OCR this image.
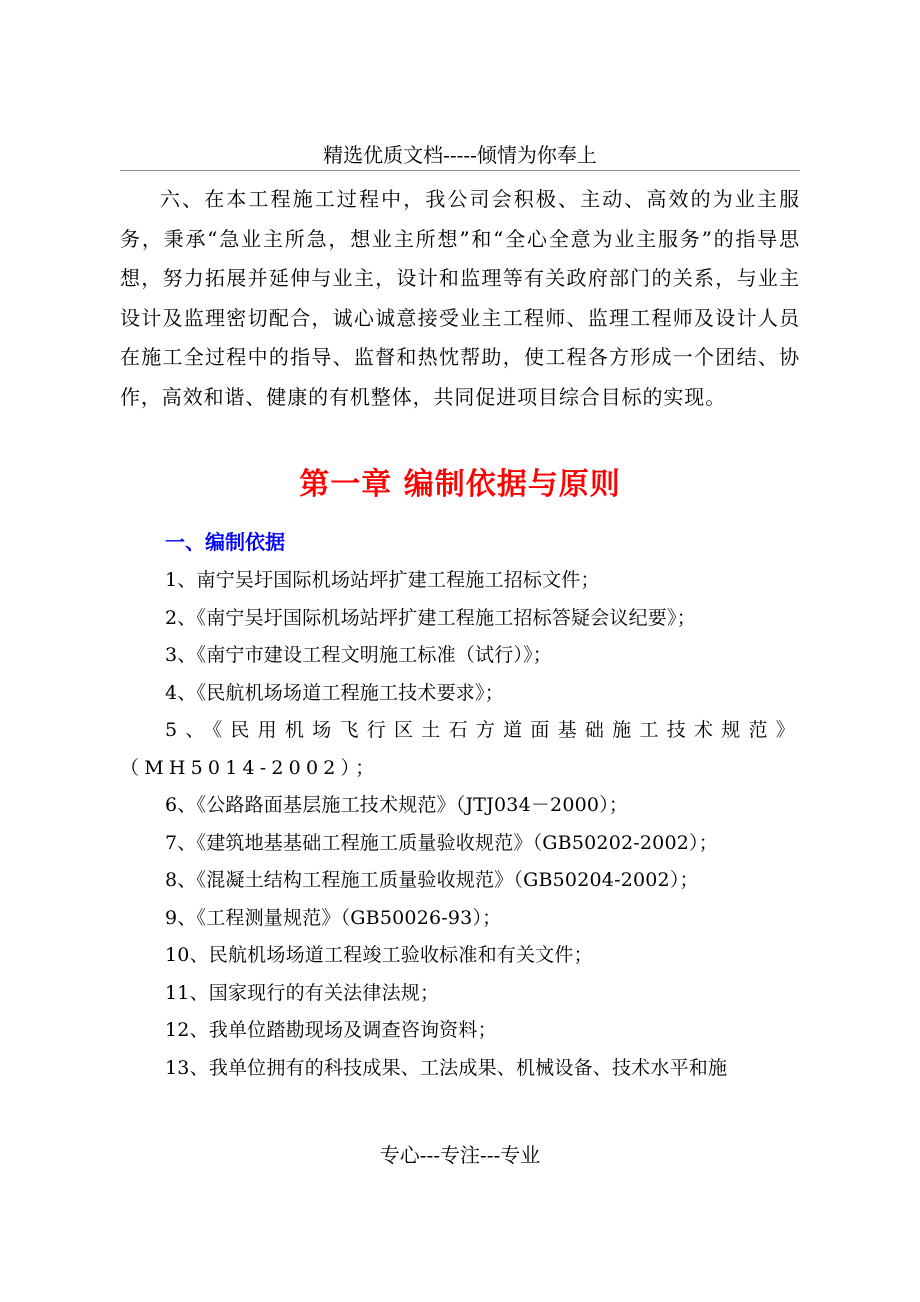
精选优质文档-----倾情为你奉上

六、在本工程施工过程中，我公司会积极、主动、高效的为业主服务，秉承“急业主所急，想业主所想”和“全心全意为业主服务”的指导思想，努力拓展并延伸与业主，设计和监理等有关政府部门的关系，与业主设计及监理密切配合，诚心诚意接受业主工程师、监理工程师及设计人员在施工全过程中的指导、监督和热忱帮助，使工程各方形成一个团结、协作，高效和谐、健康的有机整体，共同促进项目综合目标的实现。

第一章 编制依据与原则
一、编制依据
1、南宁吴圩国际机场站坪扩建工程施工招标文件；
2、《南宁吴圩国际机场站坪扩建工程施工招标答疑会议纪要》；
3、《南宁市建设工程文明施工标准（试行）》；
4、《民航机场场道工程施工技术要求》；
5、《民用机场飞行区土石方道面基础施工技术规范》（MH5014-2002）；
6、《公路路面基层施工技术规范》（JTJ034－2000）；
7、《建筑地基基础工程施工质量验收规范》（GB50202-2002）；
8、《混凝土结构工程施工质量验收规范》（GB50204-2002）；
9、《工程测量规范》（GB50026-93）；
10、民航机场场道工程竣工验收标准和有关文件；
11、国家现行的有关法律法规；
12、我单位踏勘现场及调查咨询资料；
13、我单位拥有的科技成果、工法成果、机械设备、技术水平和施
专心---专注---专业
